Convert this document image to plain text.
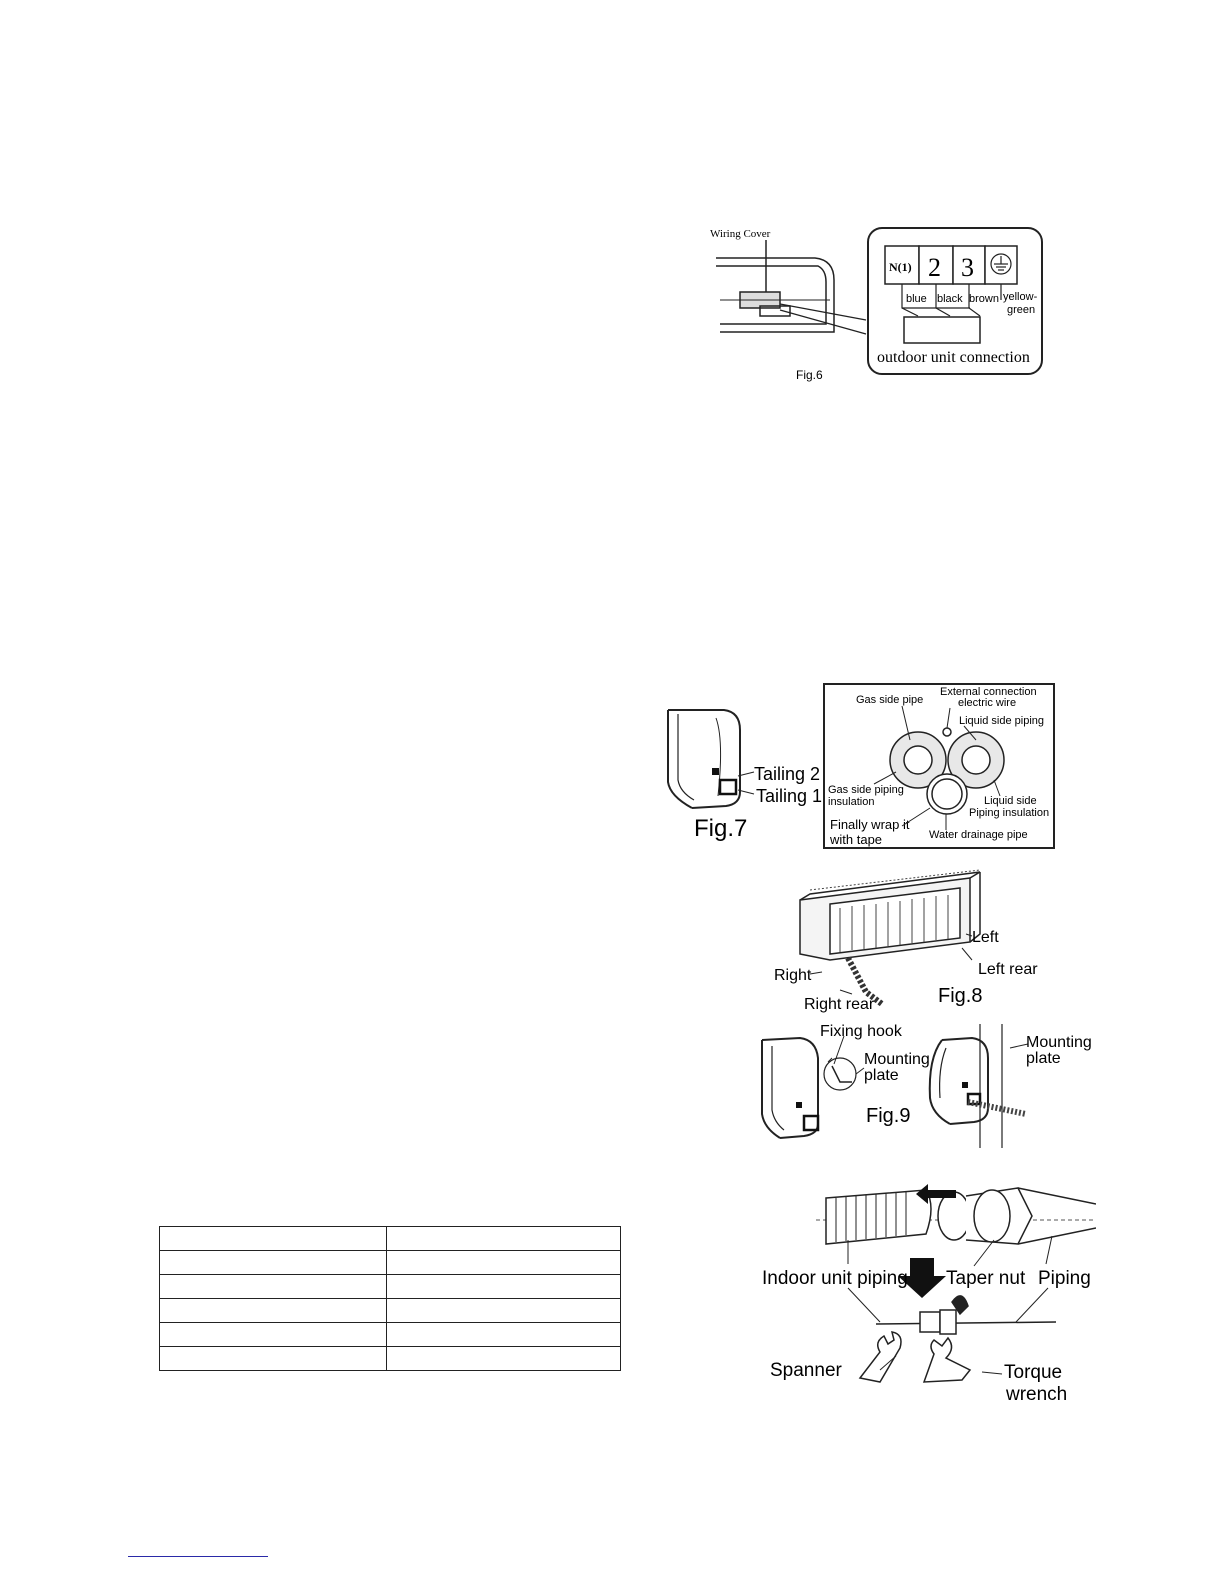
Wiring Cover
N(1) 2 3
blue black brown yellow-
green
outdoor unit connection
Fig.6
Tailing 2
Tailing 1
Fig.7
Gas side pipe
External connection
electric wire
Liquid side piping
Gas side piping
insulation	Liquid side
Piping insulation
Finally wrap it
with tape	Water drainage pipe
Left
Left rear
Right
Right rear	Fig.8
Fixing hook
Mounting
plate
Fig.9
Mounting
plate
Indoor unit piping Taper nut Piping
Spanner	Torque
wrench
